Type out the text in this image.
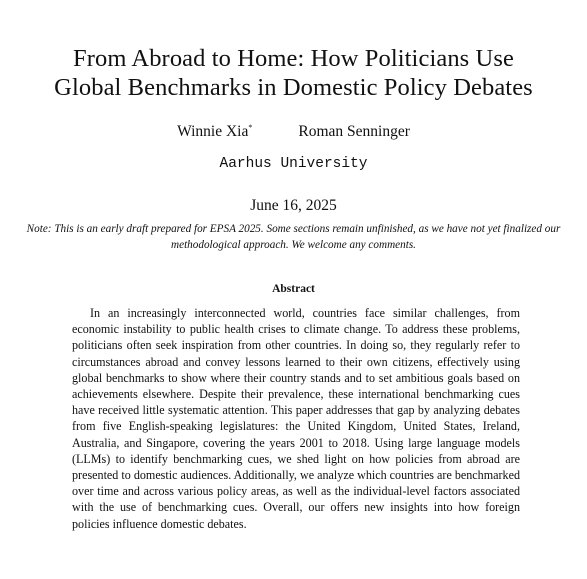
From Abroad to Home: How Politicians Use
Global Benchmarks in Domestic Policy Debates
Winnie Xia*	Roman Senninger
Aarhus University
June 16, 2025
Note: This is an early draft prepared for EPSA 2025. Some sections remain unfinished, as we have not yet finalized our methodological approach. We welcome any comments.
Abstract

In an increasingly interconnected world, countries face similar challenges, from economic instability to public health crises to climate change. To address these problems, politicians often seek inspiration from other countries. In doing so, they regularly refer to circumstances abroad and convey lessons learned to their own citizens, effectively using global benchmarks to show where their country stands and to set ambitious goals based on achievements elsewhere. Despite their prevalence, these international benchmarking cues have received little systematic attention. This paper addresses that gap by analyzing debates from five English-speaking legislatures: the United Kingdom, United States, Ireland, Australia, and Singapore, covering the years 2001 to 2018. Using large language models (LLMs) to identify benchmarking cues, we shed light on how policies from abroad are presented to domestic audiences. Additionally, we analyze which countries are benchmarked over time and across various policy areas, as well as the individual-level factors associated with the use of benchmarking cues. Overall, our offers new insights into how foreign policies influence domestic debates.
